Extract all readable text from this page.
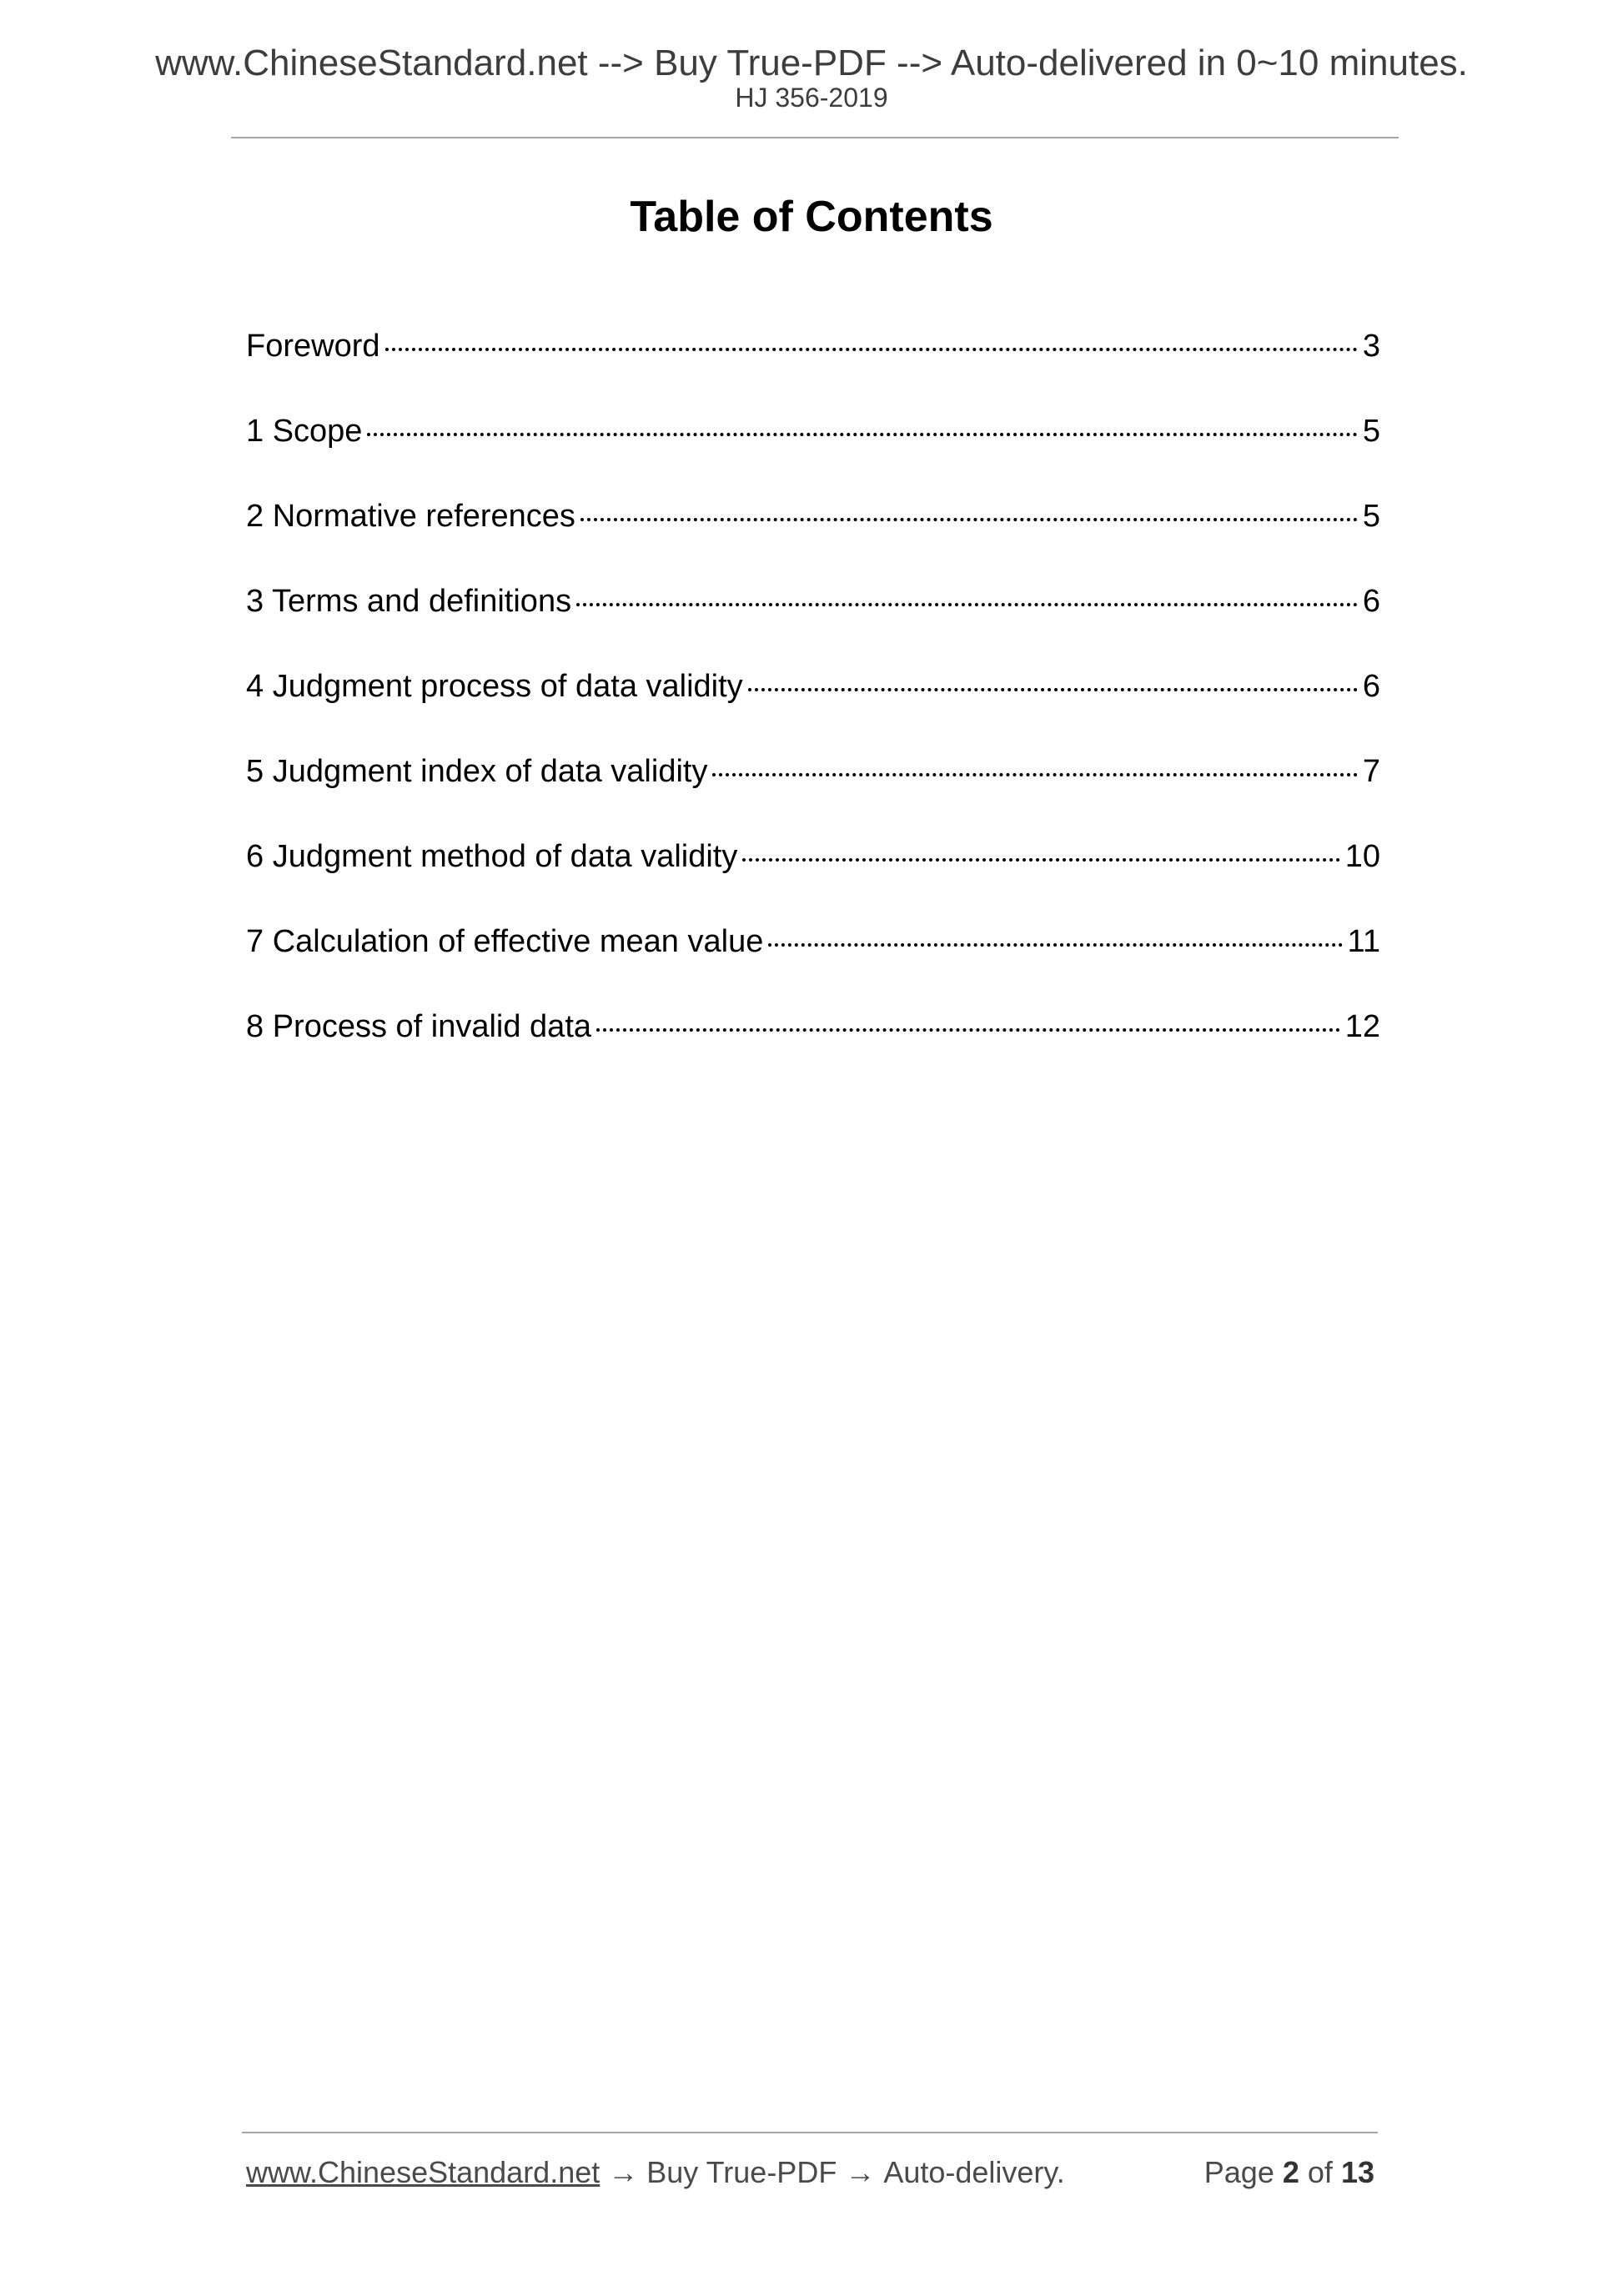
www.ChineseStandard.net --> Buy True-PDF --> Auto-delivered in 0~10 minutes.
HJ 356-2019
Table of Contents
Foreword	3
1 Scope	5
2 Normative references	5
3 Terms and definitions	6
4 Judgment process of data validity	6
5 Judgment index of data validity	7
6 Judgment method of data validity	10
7 Calculation of effective mean value	11
8 Process of invalid data	12
www.ChineseStandard.net → Buy True-PDF → Auto-delivery.	Page 2 of 13
